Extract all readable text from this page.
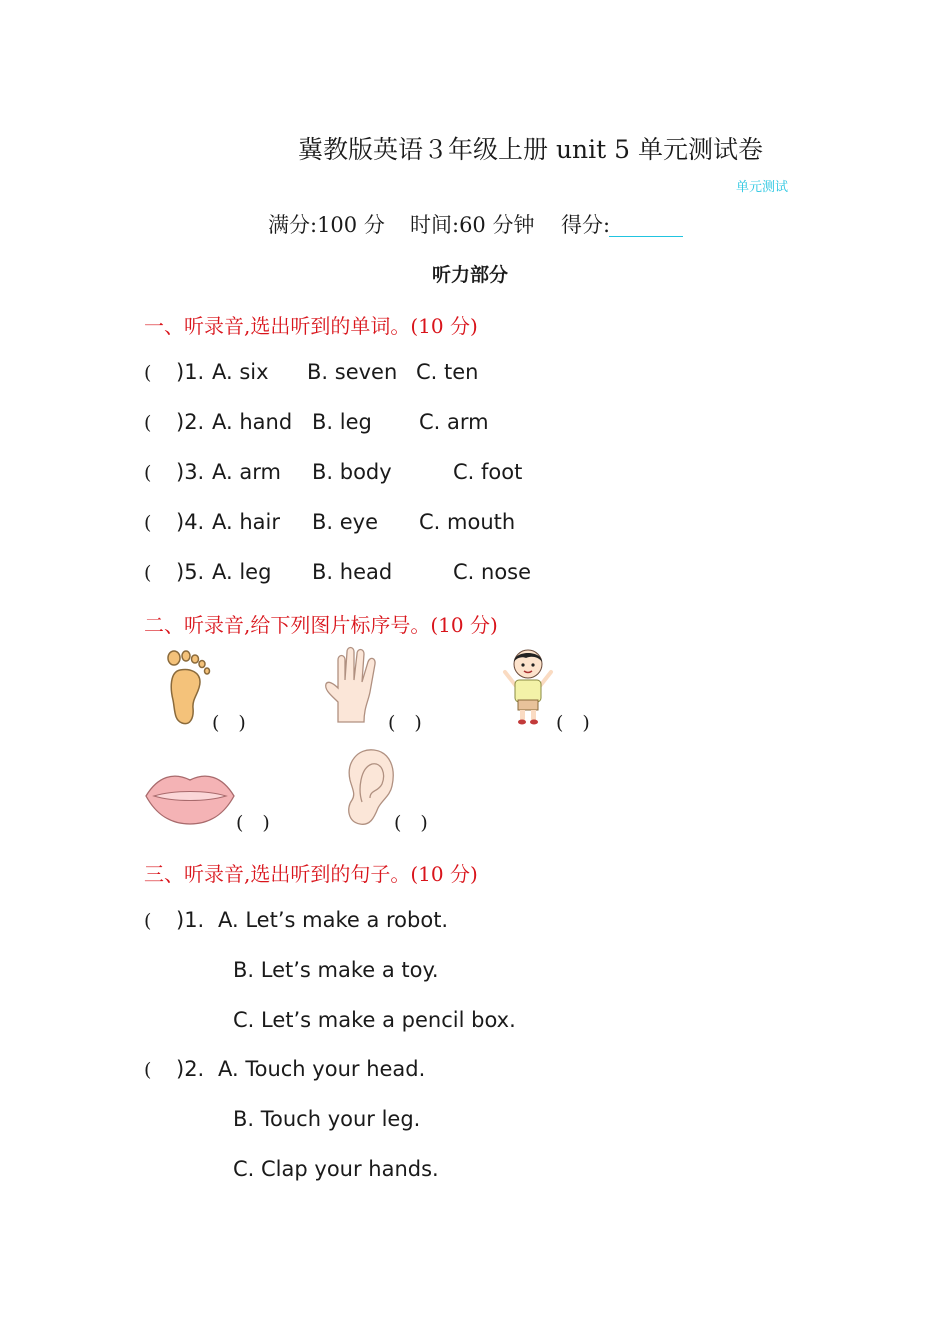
冀教版英语３年级上册 unit 5 单元测试卷
单元测试
满分:100 分 时间:60 分钟 得分:
听力部分
一、听录音,选出听到的单词。(10 分)
( )1. A. six B. seven C. ten
( )2. A. hand B. leg C. arm
( )3. A. arm B. body	C. foot
( )4. A. hair B. eye C. mouth
( )5. A. leg B. head	C. nose
二、听录音,给下列图片标序号。(10 分)
(　)	(　)	(　)
(　)	(　)
三、听录音,选出听到的句子。(10 分)
( )1. A. Let’s make a robot.
B. Let’s make a toy.
C. Let’s make a pencil box.
( )2. A. Touch your head.
B. Touch your leg.
C. Clap your hands.
